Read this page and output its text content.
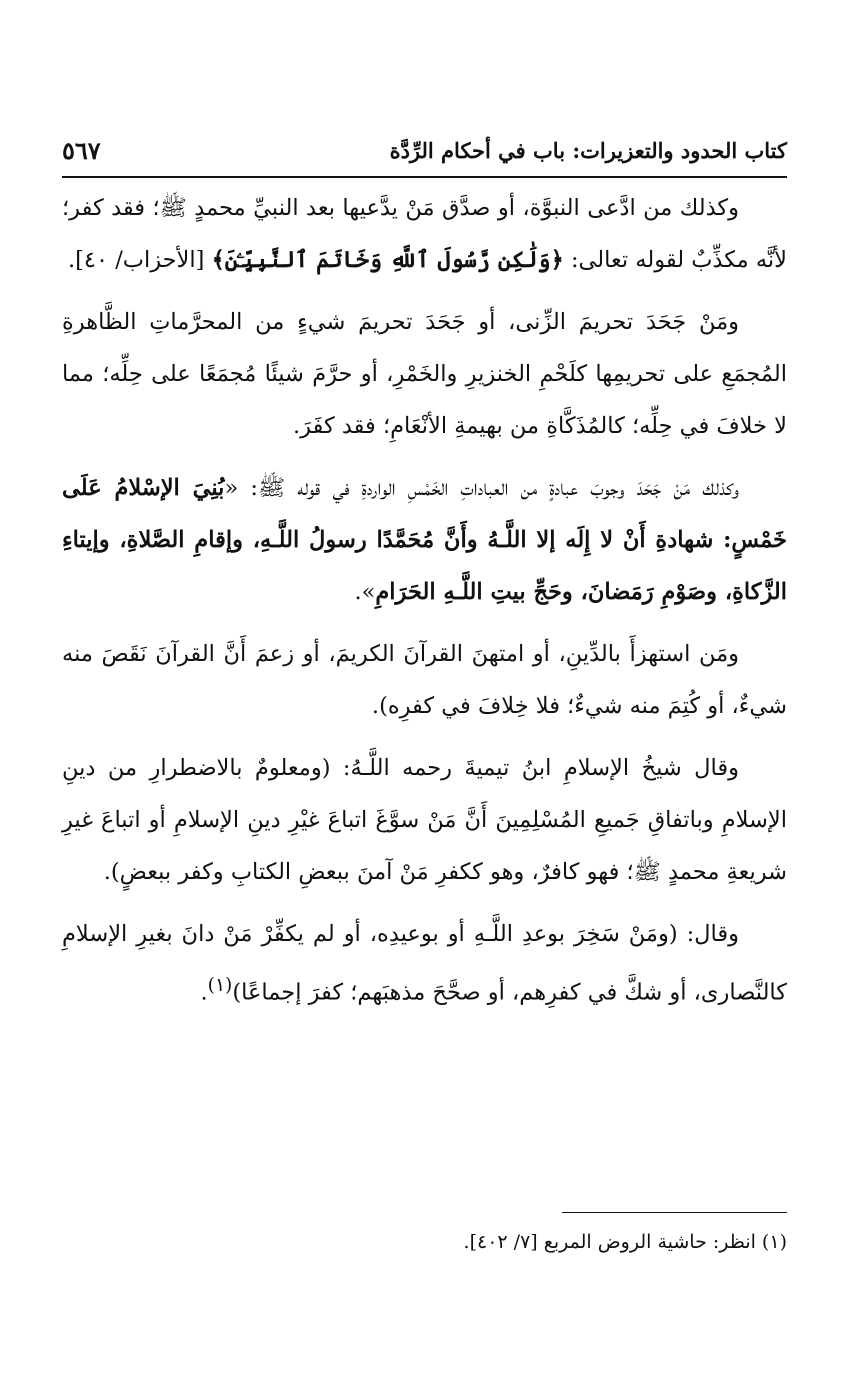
٥٦٧	كتاب الحدود والتعزيرات: باب في أحكام الرِّدَّة

وكذلك من ادَّعى النبوَّة، أو صدَّق مَنْ يدَّعيها بعد النبيِّ محمدٍ ﷺ؛ فقد كفر؛ لأنَّه مكذِّبٌ لقوله تعالى: ﴿وَلَٰكِن رَّسُولَ ٱللَّهِ وَخَاتَمَ ٱلنَّبِيِّـۧنَ﴾ [الأحزاب/ ٤٠].

ومَنْ جَحَدَ تحريمَ الزِّنى، أو جَحَدَ تحريمَ شيءٍ من المحرَّماتِ الظَّاهرةِ المُجمَعِ على تحريمِها كلَحْمِ الخنزيرِ والخَمْرِ، أو حرَّمَ شيئًا مُجمَعًا على حِلِّه؛ مما لا خلافَ في حِلِّه؛ كالمُذَكَّاةِ من بهيمةِ الأنْعَامِ؛ فقد كفَرَ.

وكذلك مَنْ جَحَدَ وجوبَ عبادةٍ من العباداتِ الخَمْسِ الواردةِ في قوله ﷺ: «بُنِيَ الإسْلامُ عَلَى خَمْسٍ: شهادةِ أَنْ لا إِلَه إلا اللَّـهُ وأَنَّ مُحَمَّدًا رسولُ اللَّـهِ، وإقامِ الصَّلاةِ، وإيتاءِ الزَّكاةِ، وصَوْمِ رَمَضانَ، وحَجِّ بيتِ اللَّـهِ الحَرَامِ».

ومَن استهزأَ بالدِّينِ، أو امتهنَ القرآنَ الكريمَ، أو زعمَ أَنَّ القرآنَ نَقَصَ منه شيءٌ، أو كُتِمَ منه شيءٌ؛ فلا خِلافَ في كفرِه).

وقال شيخُ الإسلامِ ابنُ تيميةَ رحمه اللَّـهُ: (ومعلومٌ بالاضطرارِ من دينِ الإسلامِ وباتفاقِ جَميعِ المُسْلِمِينَ أَنَّ مَنْ سوَّغَ اتباعَ غيْرِ دينِ الإسلامِ أو اتباعَ غيرِ شريعةِ محمدٍ ﷺ؛ فهو كافرٌ، وهو ككفرِ مَنْ آمنَ ببعضِ الكتابِ وكفر ببعضٍ).

وقال: (ومَنْ سَخِرَ بوعدِ اللَّـهِ أو بوعيدِه، أو لم يكفِّرْ مَنْ دانَ بغيرِ الإسلامِ كالنَّصارى، أو شكَّ في كفرِهم، أو صحَّحَ مذهبَهم؛ كفرَ إجماعًا)$^{(١)}$.

(١) انظر: حاشية الروض المربع [٧/ ٤٠٢].
